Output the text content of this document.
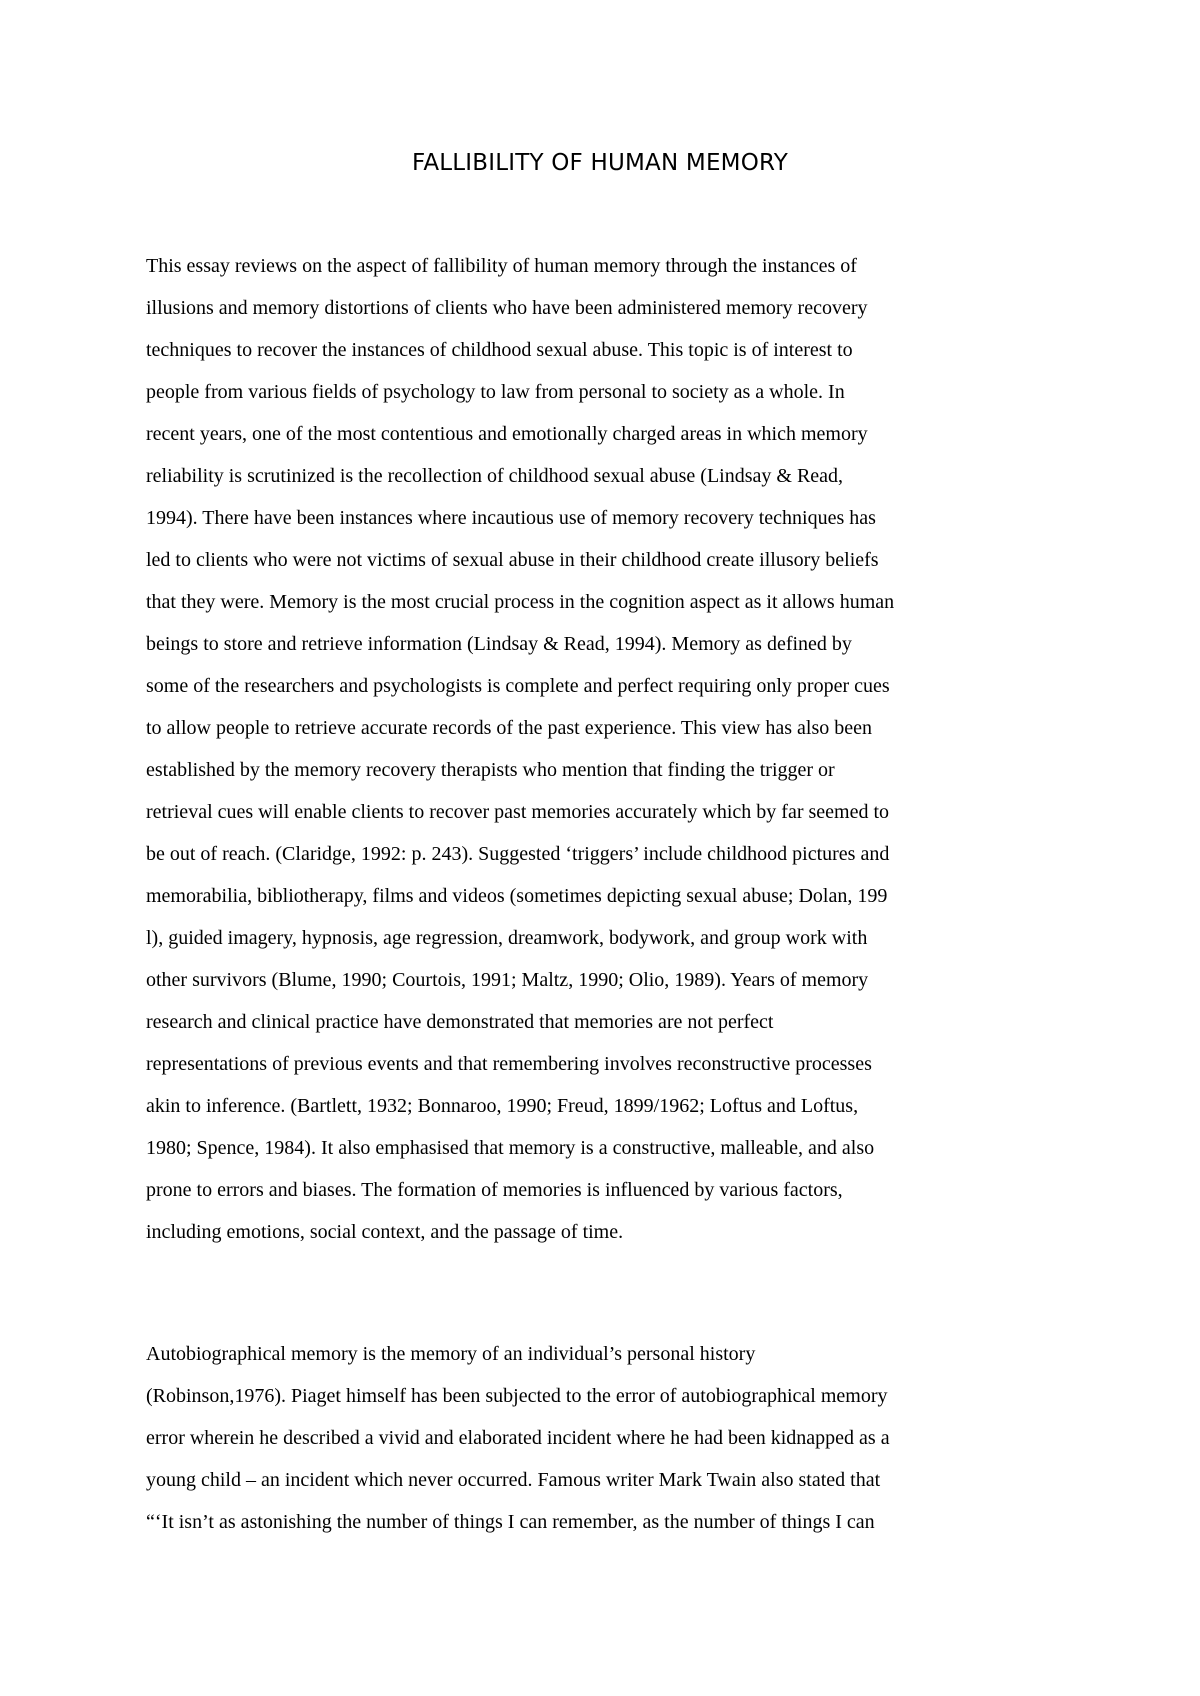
FALLIBILITY OF HUMAN MEMORY
This essay reviews on the aspect of fallibility of human memory through the instances of
illusions and memory distortions of clients who have been administered memory recovery
techniques to recover the instances of childhood sexual abuse. This topic is of interest to
people from various fields of psychology to law from personal to society as a whole. In
recent years, one of the most contentious and emotionally charged areas in which memory
reliability is scrutinized is the recollection of childhood sexual abuse (Lindsay & Read,
1994). There have been instances where incautious use of memory recovery techniques has
led to clients who were not victims of sexual abuse in their childhood create illusory beliefs
that they were. Memory is the most crucial process in the cognition aspect as it allows human
beings to store and retrieve information (Lindsay & Read, 1994). Memory as defined by
some of the researchers and psychologists is complete and perfect requiring only proper cues
to allow people to retrieve accurate records of the past experience. This view has also been
established by the memory recovery therapists who mention that finding the trigger or
retrieval cues will enable clients to recover past memories accurately which by far seemed to
be out of reach. (Claridge, 1992: p. 243). Suggested ‘triggers’ include childhood pictures and
memorabilia, bibliotherapy, films and videos (sometimes depicting sexual abuse; Dolan, 199
l), guided imagery, hypnosis, age regression, dreamwork, bodywork, and group work with
other survivors (Blume, 1990; Courtois, 1991; Maltz, 1990; Olio, 1989). Years of memory
research and clinical practice have demonstrated that memories are not perfect
representations of previous events and that remembering involves reconstructive processes
akin to inference. (Bartlett, 1932; Bonnaroo, 1990; Freud, 1899/1962; Loftus and Loftus,
1980; Spence, 1984). It also emphasised that memory is a constructive, malleable, and also
prone to errors and biases. The formation of memories is influenced by various factors,
including emotions, social context, and the passage of time.
Autobiographical memory is the memory of an individual’s personal history
(Robinson,1976). Piaget himself has been subjected to the error of autobiographical memory
error wherein he described a vivid and elaborated incident where he had been kidnapped as a
young child – an incident which never occurred. Famous writer Mark Twain also stated that
“‘It isn’t as astonishing the number of things I can remember, as the number of things I can
